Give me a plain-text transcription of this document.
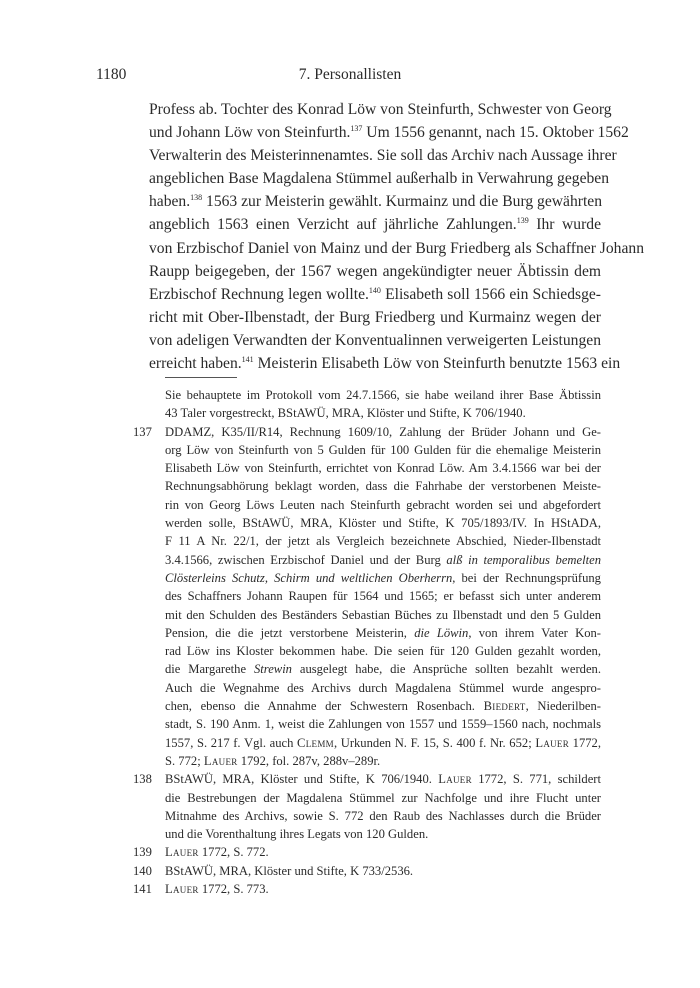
1180	7. Personallisten
Profess ab. Tochter des Konrad Löw von Steinfurth, Schwester von Georg
und Johann Löw von Steinfurth.$^{137}$ Um 1556 genannt, nach 15. Oktober 1562
Verwalterin des Meisterinnenamtes. Sie soll das Archiv nach Aussage ihrer
angeblichen Base Magdalena Stümmel außerhalb in Verwahrung gegeben
haben.$^{138}$ 1563 zur Meisterin gewählt. Kurmainz und die Burg gewährten
angeblich 1563 einen Verzicht auf jährliche Zahlungen.$^{139}$ Ihr wurde
von Erzbischof Daniel von Mainz und der Burg Friedberg als Schaffner Johann
Raupp beigegeben, der 1567 wegen angekündigter neuer Äbtissin dem
Erzbischof Rechnung legen wollte.$^{140}$ Elisabeth soll 1566 ein Schiedsge-
richt mit Ober-Ilbenstadt, der Burg Friedberg und Kurmainz wegen der
von adeligen Verwandten der Konventualinnen verweigerten Leistungen
erreicht haben.$^{141}$ Meisterin Elisabeth Löw von Steinfurth benutzte 1563 ein
Sie behauptete im Protokoll vom 24.7.1566, sie habe weiland ihrer Base Äbtissin
43 Taler vorgestreckt, BStAWÜ, MRA, Klöster und Stifte, K 706/1940.
137 DDAMZ, K35/II/R14, Rechnung 1609/10, Zahlung der Brüder Johann und Ge-
org Löw von Steinfurth von 5 Gulden für 100 Gulden für die ehemalige Meisterin
Elisabeth Löw von Steinfurth, errichtet von Konrad Löw. Am 3.4.1566 war bei der
Rechnungsabhörung beklagt worden, dass die Fahrhabe der verstorbenen Meiste-
rin von Georg Löws Leuten nach Steinfurth gebracht worden sei und abgefordert
werden solle, BStAWÜ, MRA, Klöster und Stifte, K 705/1893/IV. In HStADA,
F 11 A Nr. 22/1, der jetzt als Vergleich bezeichnete Abschied, Nieder-Ilbenstadt
3.4.1566, zwischen Erzbischof Daniel und der Burg alß in temporalibus bemelten
Clösterleins Schutz, Schirm und weltlichen Oberherrn, bei der Rechnungsprüfung
des Schaffners Johann Raupen für 1564 und 1565; er befasst sich unter anderem
mit den Schulden des Beständers Sebastian Büches zu Ilbenstadt und den 5 Gulden
Pension, die die jetzt verstorbene Meisterin, die Löwin, von ihrem Vater Kon-
rad Löw ins Kloster bekommen habe. Die seien für 120 Gulden gezahlt worden,
die Margarethe Strewin ausgelegt habe, die Ansprüche sollten bezahlt werden.
Auch die Wegnahme des Archivs durch Magdalena Stümmel wurde angespro-
chen, ebenso die Annahme der Schwestern Rosenbach. Biedert, Niederilben-
stadt, S. 190 Anm. 1, weist die Zahlungen von 1557 und 1559–1560 nach, nochmals
1557, S. 217 f. Vgl. auch Clemm, Urkunden N. F. 15, S. 400 f. Nr. 652; Lauer 1772,
S. 772; Lauer 1792, fol. 287v, 288v–289r.
138 BStAWÜ, MRA, Klöster und Stifte, K 706/1940. Lauer 1772, S. 771, schildert
die Bestrebungen der Magdalena Stümmel zur Nachfolge und ihre Flucht unter
Mitnahme des Archivs, sowie S. 772 den Raub des Nachlasses durch die Brüder
und die Vorenthaltung ihres Legats von 120 Gulden.
139 Lauer 1772, S. 772.
140 BStAWÜ, MRA, Klöster und Stifte, K 733/2536.
141 Lauer 1772, S. 773.
